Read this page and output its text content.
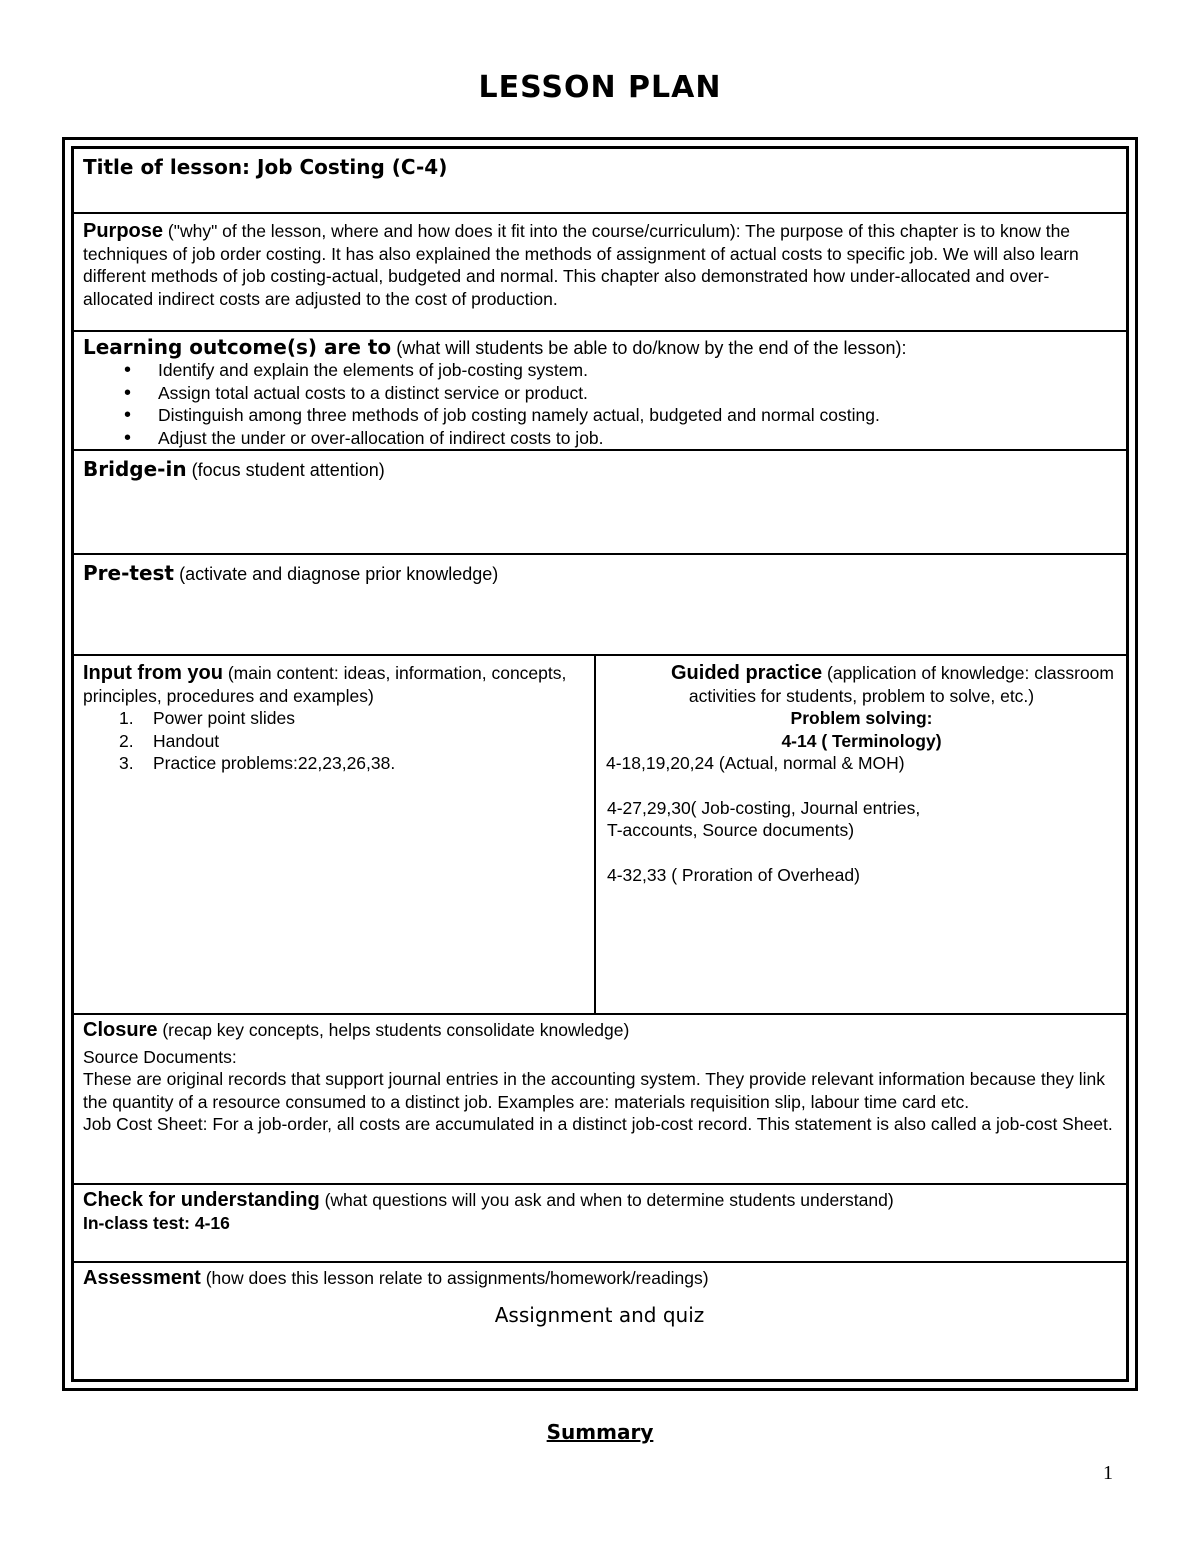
LESSON PLAN
Title of lesson: Job Costing (C-4)
Purpose ("why" of the lesson, where and how does it fit into the course/curriculum): The purpose of this chapter is to know the techniques of job order costing. It has also explained the methods of assignment of actual costs to specific job. We will also learn different methods of job costing-actual, budgeted and normal. This chapter also demonstrated how under-allocated and over-allocated indirect costs are adjusted to the cost of production.
Learning outcome(s) are to (what will students be able to do/know by the end of the lesson):
• Identify and explain the elements of job-costing system.
• Assign total actual costs to a distinct service or product.
• Distinguish among three methods of job costing namely actual, budgeted and normal costing.
• Adjust the under or over-allocation of indirect costs to job.
Bridge-in (focus student attention)
Pre-test (activate and diagnose prior knowledge)
Input from you (main content: ideas, information, concepts, principles, procedures and examples)
1. Power point slides
2. Handout
3. Practice problems:22,23,26,38.
Guided practice (application of knowledge: classroom
activities for students, problem to solve, etc.)
Problem solving:
4-14 ( Terminology)
4-18,19,20,24 (Actual, normal & MOH)
4-27,29,30( Job-costing, Journal entries,
T-accounts, Source documents)
4-32,33 ( Proration of Overhead)
Closure (recap key concepts, helps students consolidate knowledge)
Source Documents:
These are original records that support journal entries in the accounting system. They provide relevant information because they link the quantity of a resource consumed to a distinct job. Examples are: materials requisition slip, labour time card etc.
Job Cost Sheet: For a job-order, all costs are accumulated in a distinct job-cost record. This statement is also called a job-cost Sheet.
Check for understanding (what questions will you ask and when to determine students understand)
In-class test: 4-16
Assessment (how does this lesson relate to assignments/homework/readings)
Assignment and quiz
Summary
1
